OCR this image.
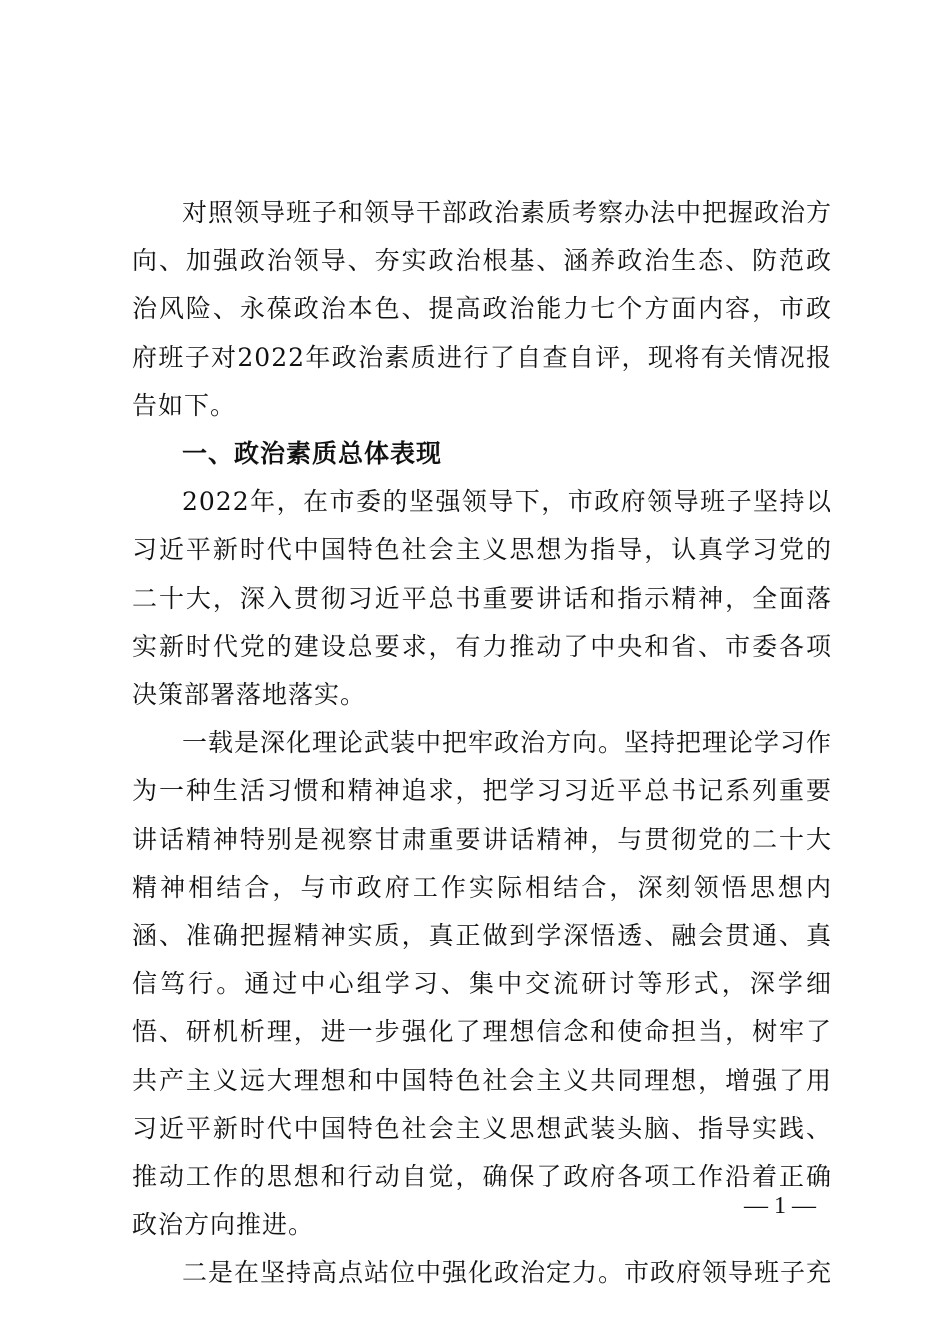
对照领导班子和领导干部政治素质考察办法中把握政治方向、加强政治领导、夯实政治根基、涵养政治生态、防范政治风险、永葆政治本色、提高政治能力七个方面内容，市政府班子对2022年政治素质进行了自查自评，现将有关情况报告如下。

一、政治素质总体表现

2022年，在市委的坚强领导下，市政府领导班子坚持以习近平新时代中国特色社会主义思想为指导，认真学习党的二十大，深入贯彻习近平总书重要讲话和指示精神，全面落实新时代党的建设总要求，有力推动了中央和省、市委各项决策部署落地落实。

一载是深化理论武装中把牢政治方向。坚持把理论学习作为一种生活习惯和精神追求，把学习习近平总书记系列重要讲话精神特别是视察甘肃重要讲话精神，与贯彻党的二十大精神相结合，与市政府工作实际相结合，深刻领悟思想内涵、准确把握精神实质，真正做到学深悟透、融会贯通、真信笃行。通过中心组学习、集中交流研讨等形式，深学细悟、研机析理，进一步强化了理想信念和使命担当，树牢了共产主义远大理想和中国特色社会主义共同理想，增强了用习近平新时代中国特色社会主义思想武装头脑、指导实践、推动工作的思想和行动自觉，确保了政府各项工作沿着正确政治方向推进。

二是在坚持高点站位中强化政治定力。市政府领导班子充

— 1 —
